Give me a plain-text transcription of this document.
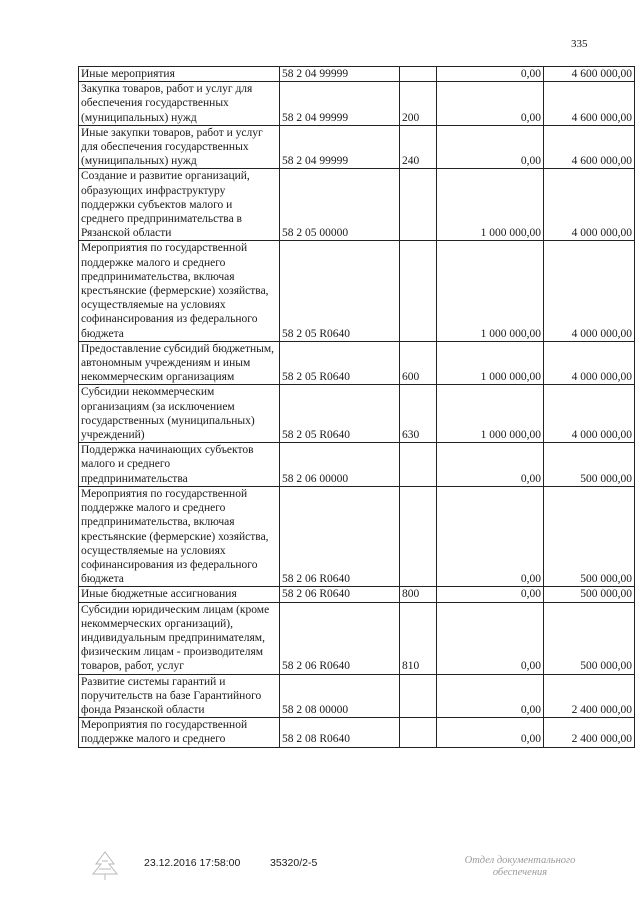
335
Иные мероприятия	58 2 04 99999		0,00	4 600 000,00
Закупка товаров, работ и услуг для обеспечения государственных (муниципальных) нужд	58 2 04 99999	200	0,00	4 600 000,00
Иные закупки товаров, работ и услуг для обеспечения государственных (муниципальных) нужд	58 2 04 99999	240	0,00	4 600 000,00
Создание и развитие организаций, образующих инфраструктуру поддержки субъектов малого и среднего предпринимательства в Рязанской области	58 2 05 00000		1 000 000,00	4 000 000,00
Мероприятия по государственной поддержке малого и среднего предпринимательства, включая крестьянские (фермерские) хозяйства, осуществляемые на условиях софинансирования из федерального бюджета	58 2 05 R0640		1 000 000,00	4 000 000,00
Предоставление субсидий бюджетным, автономным учреждениям и иным некоммерческим организациям	58 2 05 R0640	600	1 000 000,00	4 000 000,00
Субсидии некоммерческим организациям (за исключением государственных (муниципальных) учреждений)	58 2 05 R0640	630	1 000 000,00	4 000 000,00
Поддержка начинающих субъектов малого и среднего предпринимательства	58 2 06 00000		0,00	500 000,00
Мероприятия по государственной поддержке малого и среднего предпринимательства, включая крестьянские (фермерские) хозяйства, осуществляемые на условиях софинансирования из федерального бюджета	58 2 06 R0640		0,00	500 000,00
Иные бюджетные ассигнования	58 2 06 R0640	800	0,00	500 000,00
Субсидии юридическим лицам (кроме некоммерческих организаций), индивидуальным предпринимателям, физическим лицам - производителям товаров, работ, услуг	58 2 06 R0640	810	0,00	500 000,00
Развитие системы гарантий и поручительств на базе Гарантийного фонда Рязанской области	58 2 08 00000		0,00	2 400 000,00
Мероприятия по государственной поддержке малого и среднего	58 2 08 R0640		0,00	2 400 000,00
23.12.2016 17:58:00	35320/2-5	Отдел документального
обеспечения
